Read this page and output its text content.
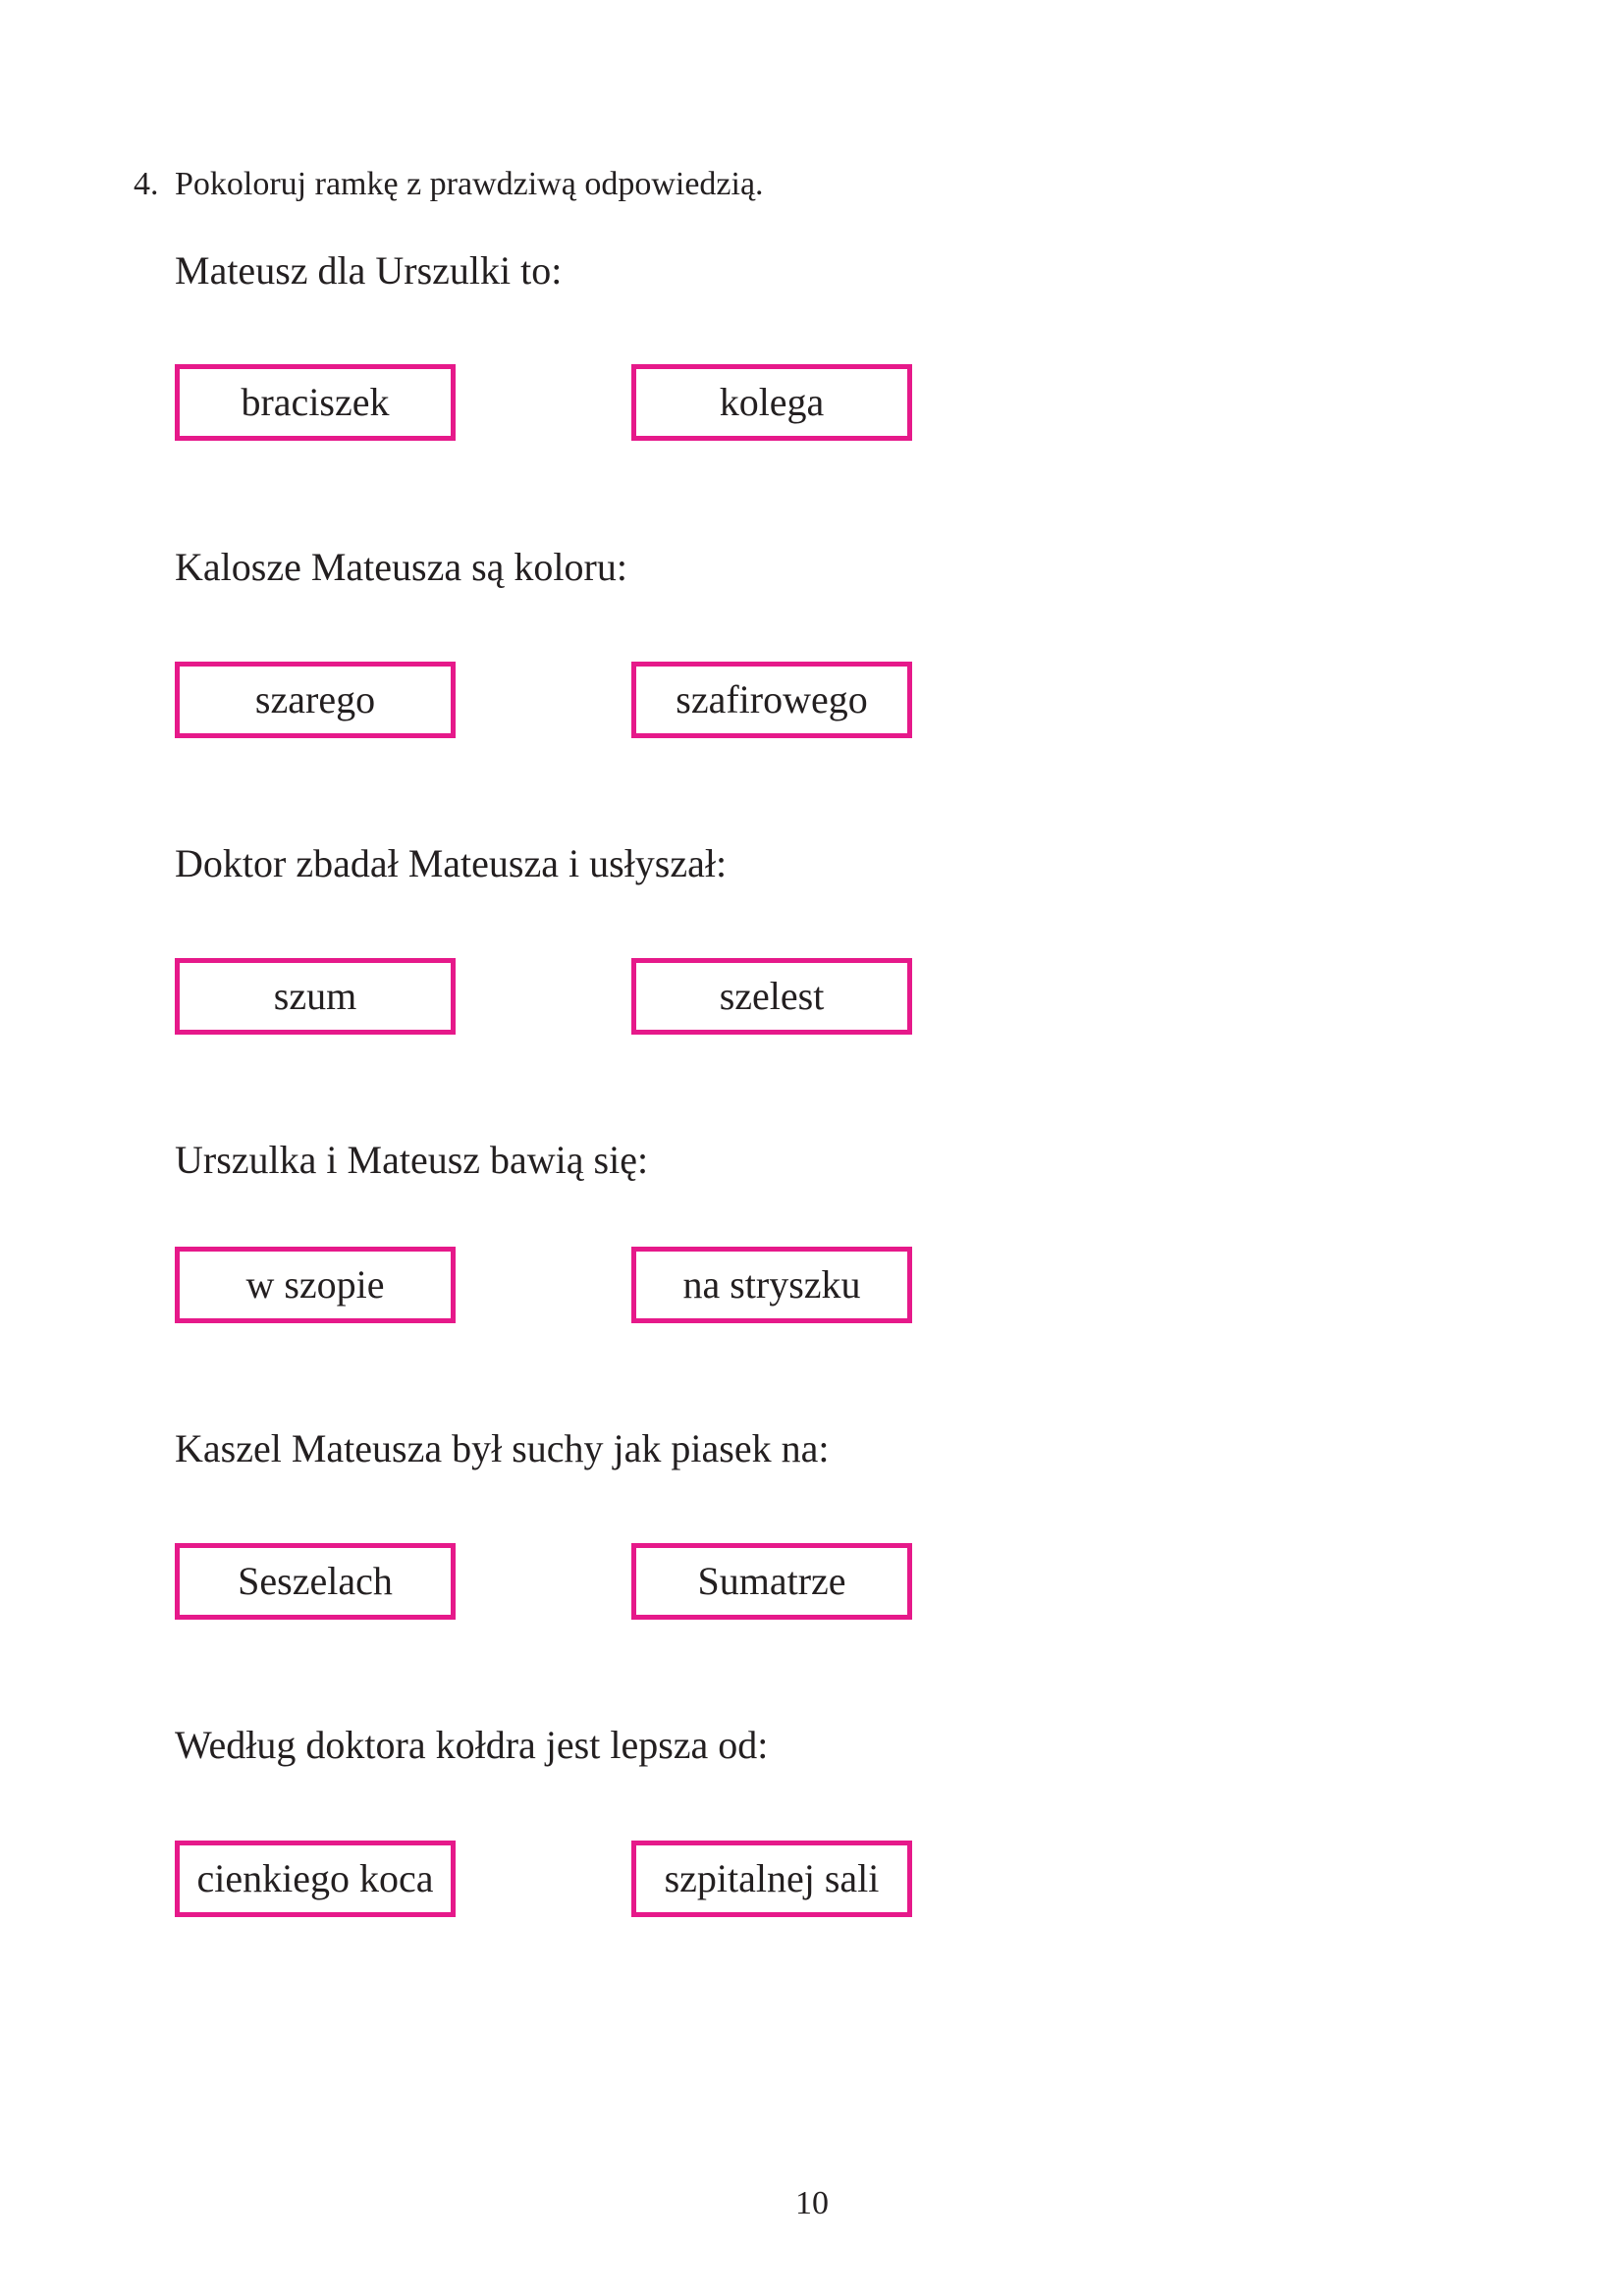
4. Pokoloruj ramkę z prawdziwą odpowiedzią.
Mateusz dla Urszulki to:
braciszek	kolega
Kalosze Mateusza są koloru:
szarego	szafirowego
Doktor zbadał Mateusza i usłyszał:
szum	szelest
Urszulka i Mateusz bawią się:
w szopie	na stryszku
Kaszel Mateusza był suchy jak piasek na:
Seszelach	Sumatrze
Według doktora kołdra jest lepsza od:
cienkiego koca	szpitalnej sali
10
